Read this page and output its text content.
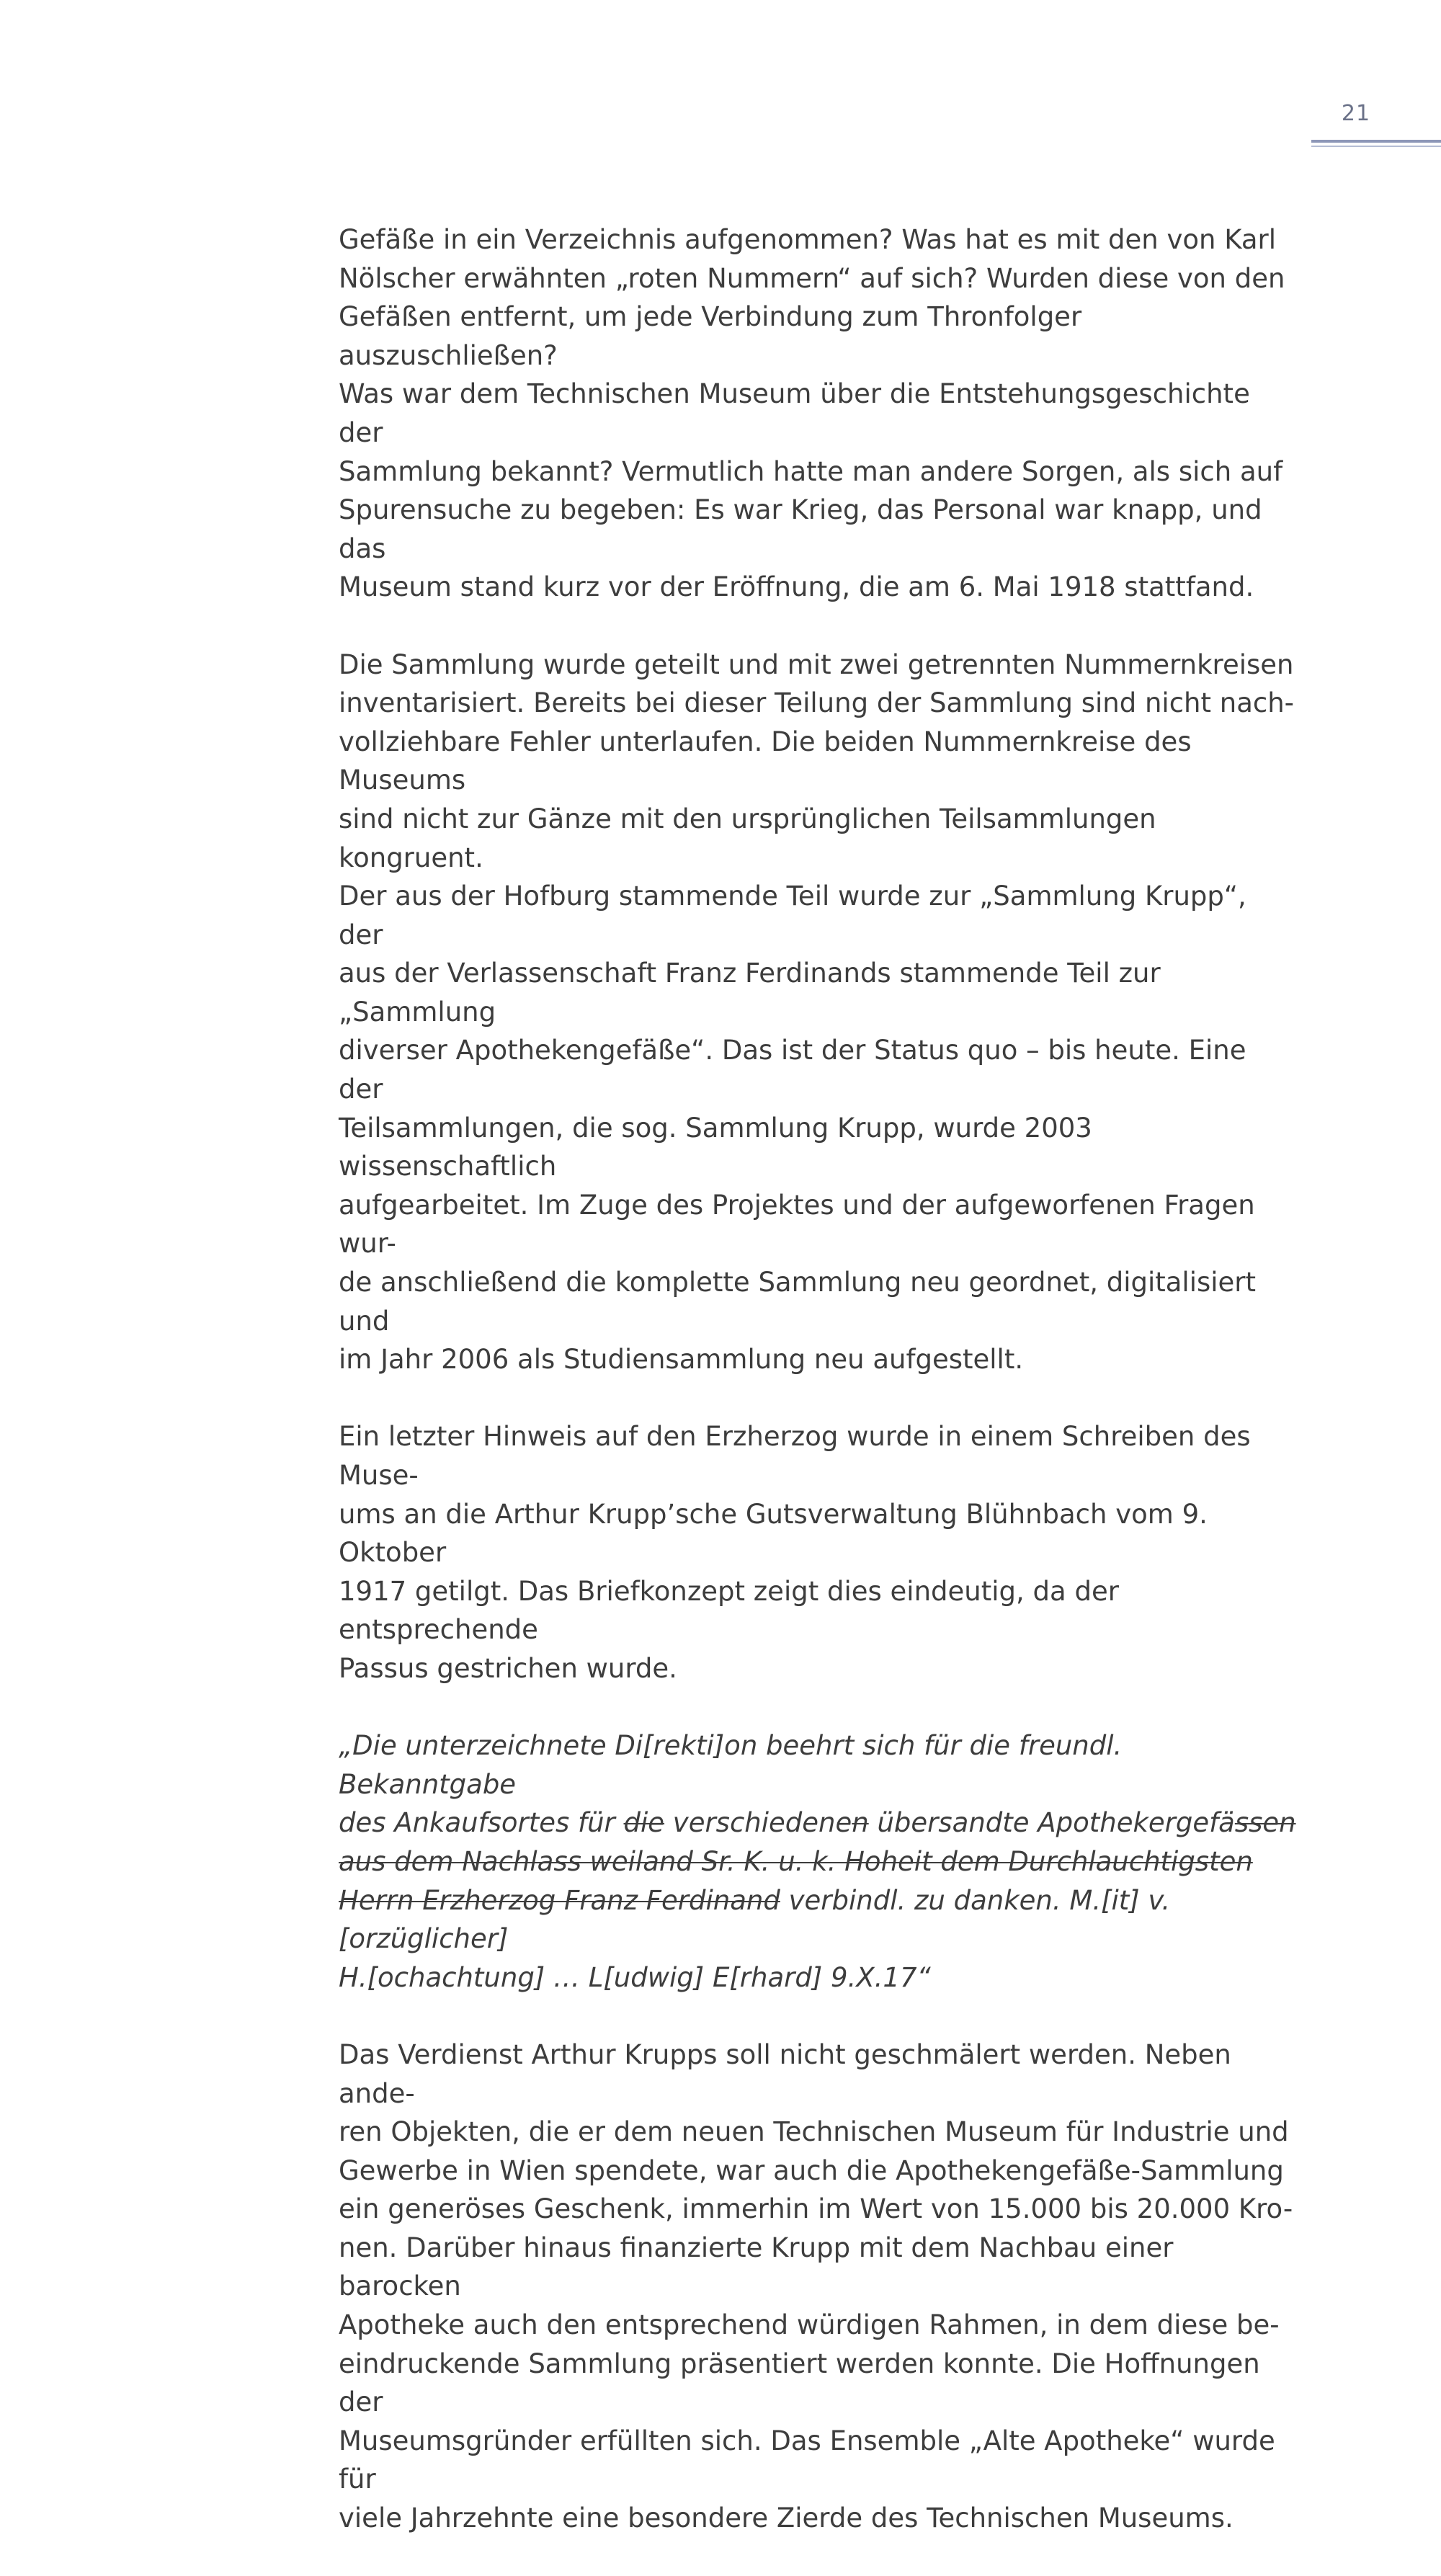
21

Gefäße in ein Verzeichnis aufgenommen? Was hat es mit den von Karl
Nölscher erwähnten „roten Nummern“ auf sich? Wurden diese von den
Gefäßen entfernt, um jede Verbindung zum Thronfolger auszuschließen?
Was war dem Technischen Museum über die Entstehungsgeschichte der
Sammlung bekannt? Vermutlich hatte man andere Sorgen, als sich auf
Spurensuche zu begeben: Es war Krieg, das Personal war knapp, und das
Museum stand kurz vor der Eröffnung, die am 6. Mai 1918 stattfand.

Die Sammlung wurde geteilt und mit zwei getrennten Nummernkreisen
inventarisiert. Bereits bei dieser Teilung der Sammlung sind nicht nach-
vollziehbare Fehler unterlaufen. Die beiden Nummernkreise des Museums
sind nicht zur Gänze mit den ursprünglichen Teilsammlungen kongruent.
Der aus der Hofburg stammende Teil wurde zur „Sammlung Krupp“, der
aus der Verlassenschaft Franz Ferdinands stammende Teil zur „Sammlung
diverser Apothekengefäße“. Das ist der Status quo – bis heute. Eine der
Teilsammlungen, die sog. Sammlung Krupp, wurde 2003 wissenschaftlich
aufgearbeitet. Im Zuge des Projektes und der aufgeworfenen Fragen wur-
de anschließend die komplette Sammlung neu geordnet, digitalisiert und
im Jahr 2006 als Studiensammlung neu aufgestellt.

Ein letzter Hinweis auf den Erzherzog wurde in einem Schreiben des Muse-
ums an die Arthur Krupp’sche Gutsverwaltung Blühnbach vom 9. Oktober
1917 getilgt. Das Briefkonzept zeigt dies eindeutig, da der entsprechende
Passus gestrichen wurde.

„Die unterzeichnete Di[rekti]on beehrt sich für die freundl. Bekanntgabe
des Ankaufsortes für die verschiedenen übersandte Apothekergefässen
aus dem Nachlass weiland Sr. K. u. k. Hoheit dem Durchlauchtigsten
Herrn Erzherzog Franz Ferdinand verbindl. zu danken. M.[it] v.[orzüglicher]
H.[ochachtung] … L[udwig] E[rhard] 9.X.17“

Das Verdienst Arthur Krupps soll nicht geschmälert werden. Neben ande-
ren Objekten, die er dem neuen Technischen Museum für Industrie und
Gewerbe in Wien spendete, war auch die Apothekengefäße-Sammlung
ein generöses Geschenk, immerhin im Wert von 15.000 bis 20.000 Kro-
nen. Darüber hinaus finanzierte Krupp mit dem Nachbau einer barocken
Apotheke auch den entsprechend würdigen Rahmen, in dem diese be-
eindruckende Sammlung präsentiert werden konnte. Die Hoffnungen der
Museumsgründer erfüllten sich. Das Ensemble „Alte Apotheke“ wurde für
viele Jahrzehnte eine besondere Zierde des Technischen Museums.
